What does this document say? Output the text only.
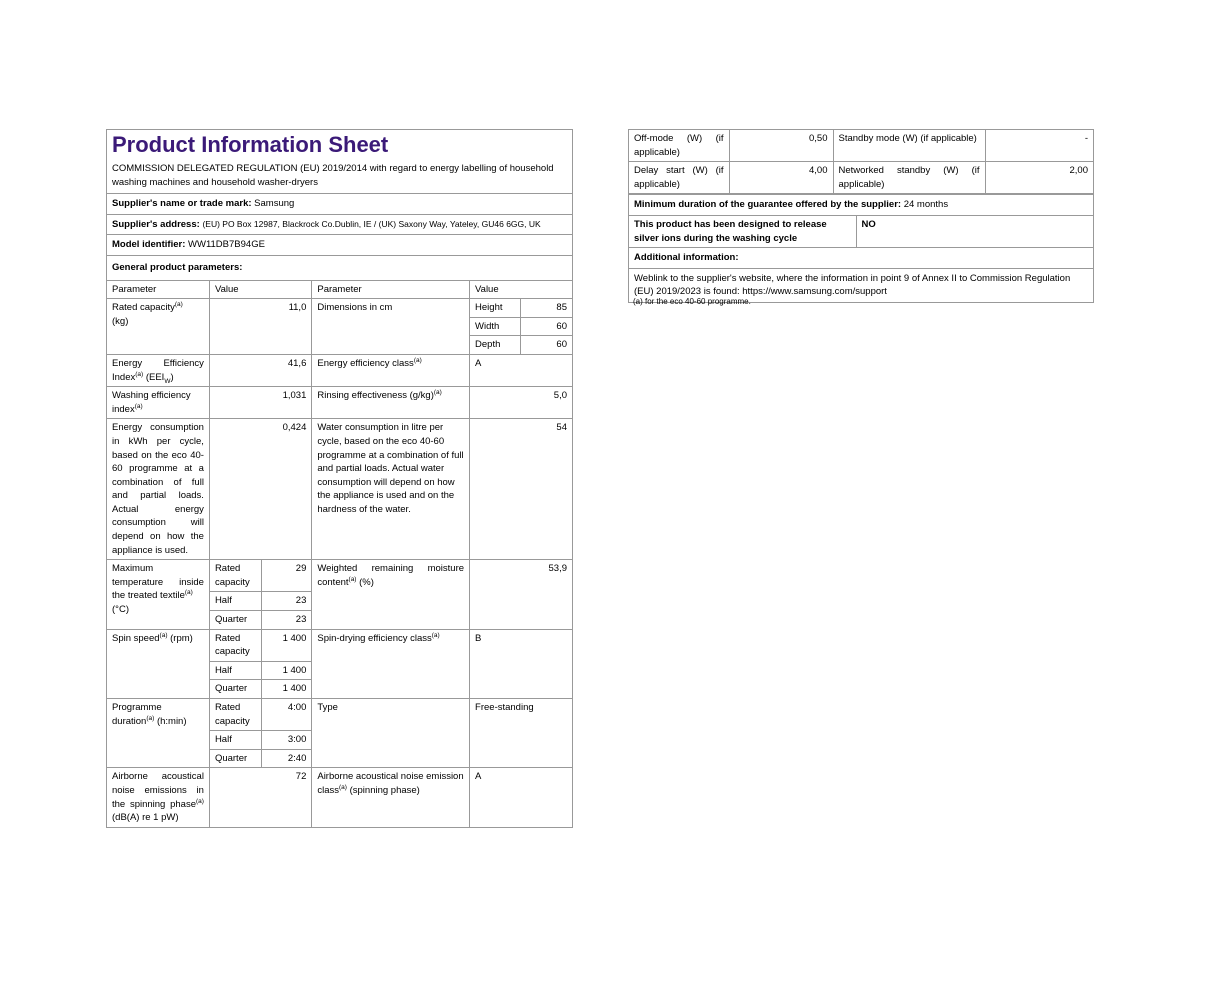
Product Information Sheet
COMMISSION DELEGATED REGULATION (EU) 2019/2014 with regard to energy labelling of household washing machines and household washer-dryers
Supplier's name or trade mark: Samsung
Supplier's address: (EU) PO Box 12987, Blackrock Co.Dublin, IE / (UK) Saxony Way, Yateley, GU46 6GG, UK
Model identifier: WW11DB7B94GE
General product parameters:
Parameter	Value		Parameter	Value	
Rated capacity$^{(a)}$
(kg)	11,0		Dimensions in cm	Height	85
				Width	60
				Depth	60
Energy Efficiency Index$^{(a)}$ $(EEI_W)$	41,6		Energy efficiency class$^{(a)}$	A	
Washing efficiency index$^{(a)}$	1,031		Rinsing effectiveness $(g/kg)^{(a)}$	5,0	
Energy consumption in kWh per cycle, based on the eco 40-60 programme at a combination of full and partial loads. Actual energy consumption will depend on how the appliance is used.	0,424		Water consumption in litre per cycle, based on the eco 40-60 programme at a combination of full and partial loads. Actual water consumption will depend on how the appliance is used and on the hardness of the water.	54	
Maximum temperature inside the treated textile$^{(a)}$
(°C)	Rated capacity	29	Weighted remaining moisture content$^{(a)}$ (%)	53,9	
	Half	23			
	Quarter	23			
Spin speed$^{(a)}$ (rpm)	Rated capacity	1 400	Spin-drying efficiency class$^{(a)}$	B	
	Half	1 400			
	Quarter	1 400			
Programme duration$^{(a)}$ (h:min)	Rated capacity	4:00	Type	Free-standing	
	Half	3:00			
	Quarter	2:40			
Airborne acoustical noise emissions in the spinning phase$^{(a)}$ (dB(A) re 1 pW)	72		Airborne acoustical noise emission class$^{(a)}$ (spinning phase)	A	
Off-mode (W) (if applicable)	0,50	Standby mode (W) (if applicable)	-
Delay start (W) (if applicable)	4,00	Networked standby (W) (if applicable)	2,00
Minimum duration of the guarantee offered by the supplier: 24 months
This product has been designed to release silver ions during the washing cycle	NO
Additional information:
Weblink to the supplier's website, where the information in point 9 of Annex II to Commission Regulation (EU) 2019/2023 is found: https://www.samsung.com/support
(a) for the eco 40-60 programme.
